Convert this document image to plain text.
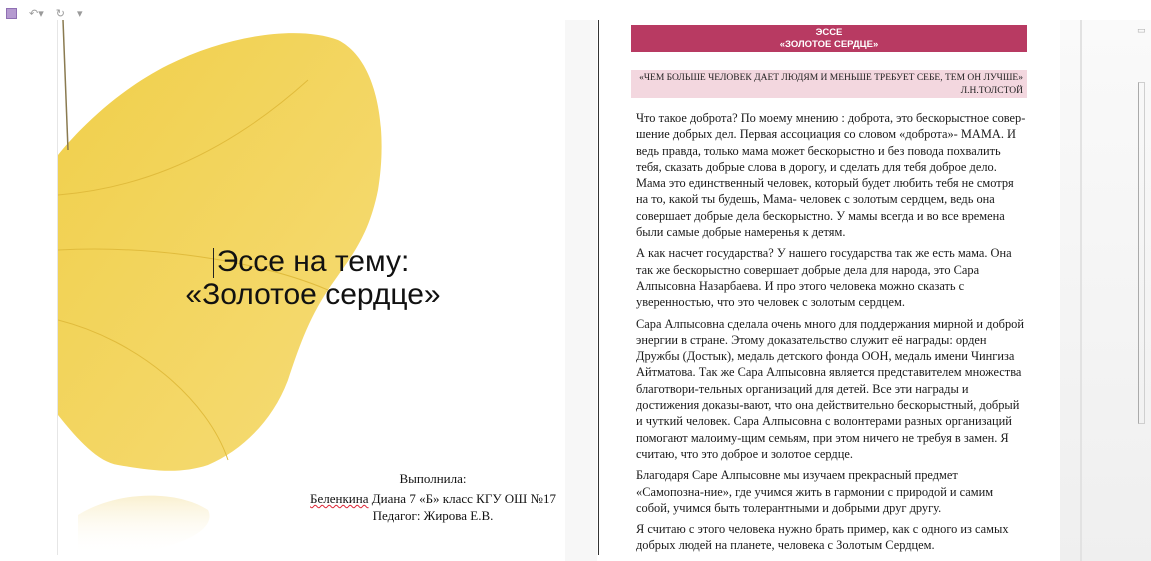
↶▾ ↻ ▾
Эссе на тему:
«Золотое сердце»
Выполнила:
Беленкина Диана 7 «Б» класс КГУ ОШ №17
Педагог: Жирова Е.В.
ЭССЕ
«ЗОЛОТОЕ СЕРДЦЕ»
«ЧЕМ БОЛЬШЕ ЧЕЛОВЕК ДАЕТ ЛЮДЯМ И МЕНЬШЕ ТРЕБУЕТ СЕБЕ, ТЕМ ОН ЛУЧШЕ»
Л.Н.ТОЛСТОЙ

Что такое доброта? По моему мнению : доброта, это бескорыстное совер-шение добрых дел. Первая ассоциация со словом «доброта»- МАМА. И ведь правда, только мама может бескорыстно и без повода похвалить тебя, сказать добрые слова в дорогу, и сделать для тебя доброе дело. Мама это единственный человек, который будет любить тебя не смотря на то, какой ты будешь, Мама- человек с золотым сердцем, ведь она совершает добрые дела бескорыстно. У мамы всегда и во все времена были самые добрые намеренья к детям.

А как насчет государства? У нашего государства так же есть мама. Она так же бескорыстно совершает добрые дела для народа, это Сара Алпысовна Назарбаева. И про этого человека можно сказать с уверенностью, что это человек с золотым сердцем.

Сара Алпысовна сделала очень много для поддержания мирной и доброй энергии в стране. Этому доказательство служит её награды: орден Дружбы (Достык), медаль детского фонда ООН, медаль имени Чингиза Айтматова. Так же Сара Алпысовна является представителем множества благотвори-тельных организаций для детей. Все эти награды и достижения доказы-вают, что она действительно бескорыстный, добрый и чуткий человек. Сара Алпысовна с волонтерами разных организаций помогают малоиму-щим семьям, при этом ничего не требуя в замен. Я считаю, что это доброе и золотое сердце.

Благодаря Саре Алпысовне мы изучаем прекрасный предмет «Самопозна-ние», где учимся жить в гармонии с природой и самим собой, учимся быть толерантными и добрыми друг другу.

Я считаю с этого человека нужно брать пример, как с одного из самых добрых людей на планете, человека с Золотым Сердцем.

▭
